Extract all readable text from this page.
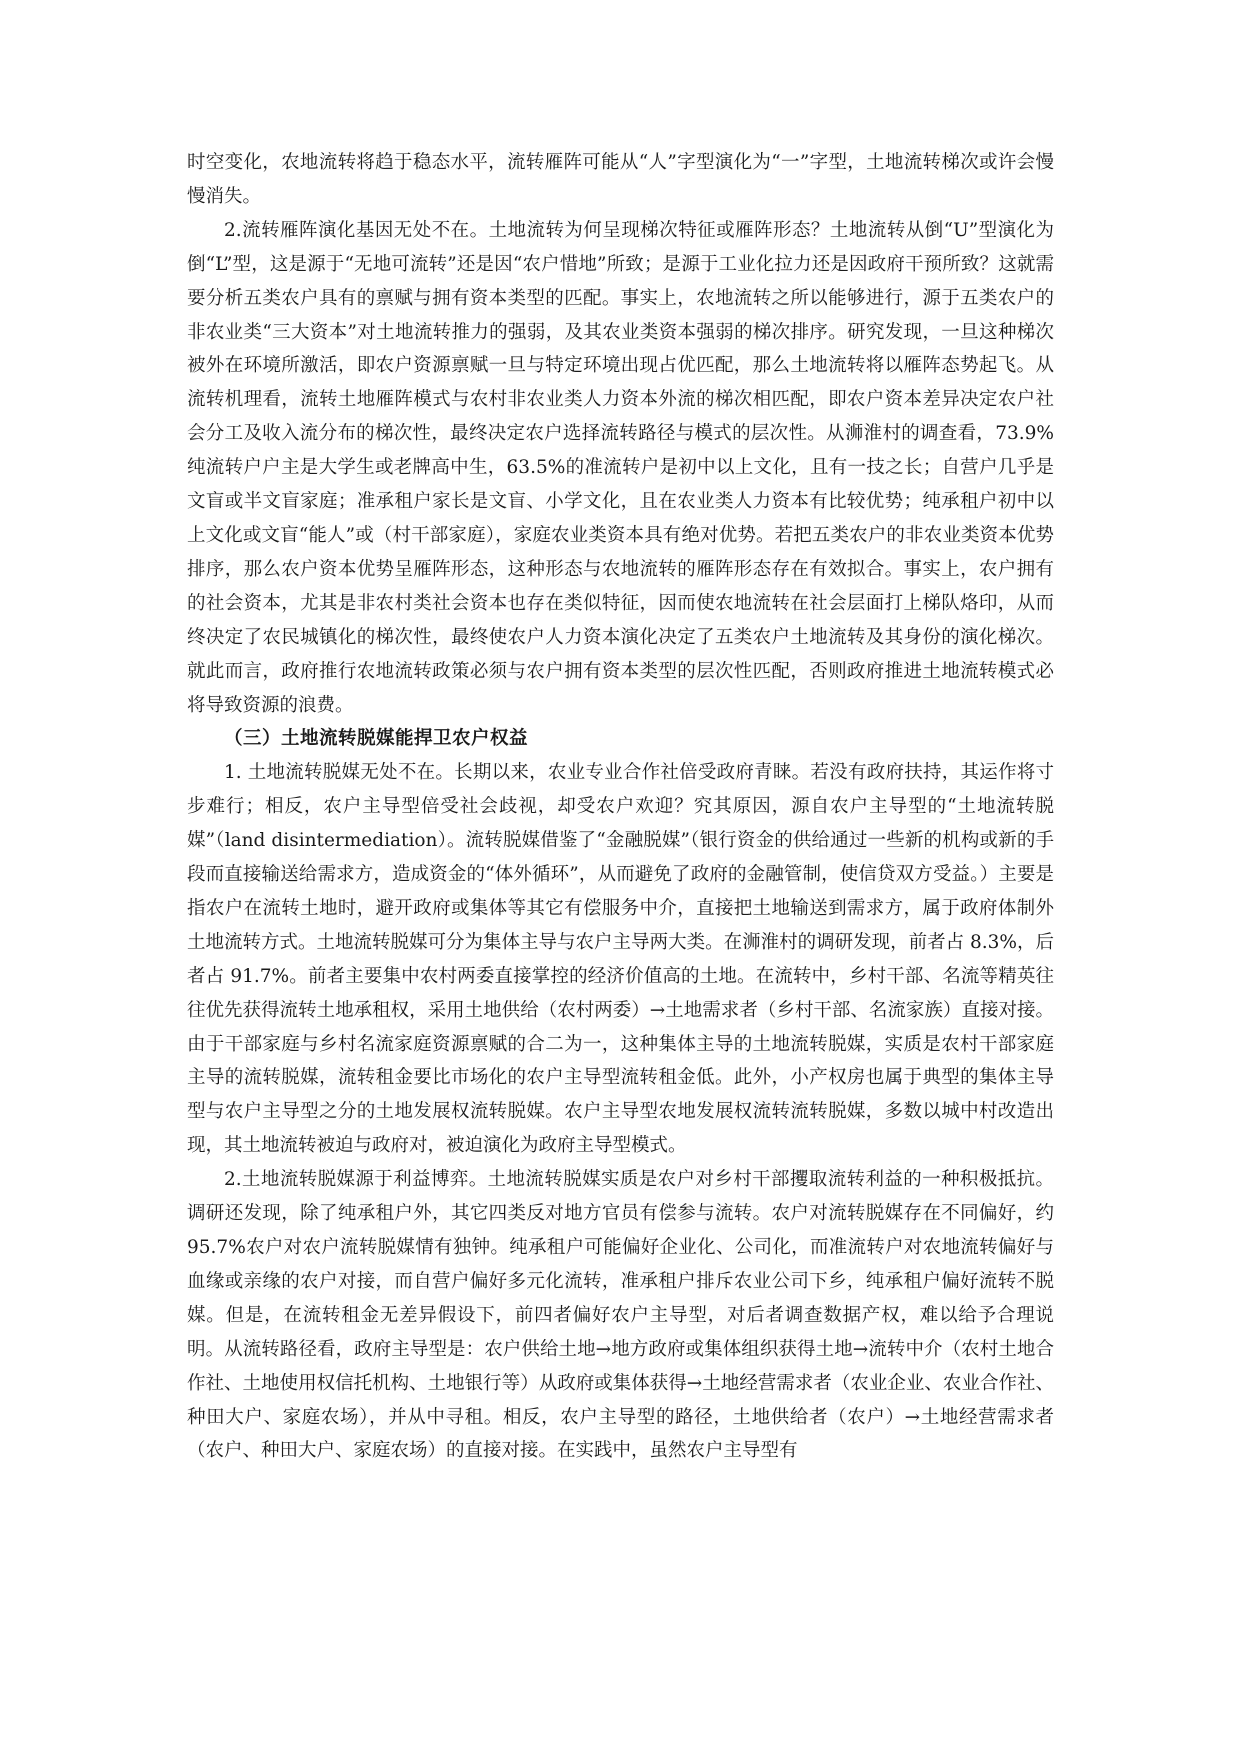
时空变化，农地流转将趋于稳态水平，流转雁阵可能从“人”字型演化为“一”字型，土地流转梯次或许会慢慢消失。

2.流转雁阵演化基因无处不在。土地流转为何呈现梯次特征或雁阵形态？土地流转从倒“U”型演化为倒“L”型，这是源于“无地可流转”还是因“农户惜地”所致；是源于工业化拉力还是因政府干预所致？这就需要分析五类农户具有的禀赋与拥有资本类型的匹配。事实上，农地流转之所以能够进行，源于五类农户的非农业类“三大资本”对土地流转推力的强弱，及其农业类资本强弱的梯次排序。研究发现，一旦这种梯次被外在环境所激活，即农户资源禀赋一旦与特定环境出现占优匹配，那么土地流转将以雁阵态势起飞。从流转机理看，流转土地雁阵模式与农村非农业类人力资本外流的梯次相匹配，即农户资本差异决定农户社会分工及收入流分布的梯次性，最终决定农户选择流转路径与模式的层次性。从浉淮村的调查看，73.9%纯流转户户主是大学生或老牌高中生，63.5%的准流转户是初中以上文化，且有一技之长；自营户几乎是文盲或半文盲家庭；准承租户家长是文盲、小学文化，且在农业类人力资本有比较优势；纯承租户初中以上文化或文盲“能人”或（村干部家庭），家庭农业类资本具有绝对优势。若把五类农户的非农业类资本优势排序，那么农户资本优势呈雁阵形态，这种形态与农地流转的雁阵形态存在有效拟合。事实上，农户拥有的社会资本，尤其是非农村类社会资本也存在类似特征，因而使农地流转在社会层面打上梯队烙印，从而终决定了农民城镇化的梯次性，最终使农户人力资本演化决定了五类农户土地流转及其身份的演化梯次。就此而言，政府推行农地流转政策必须与农户拥有资本类型的层次性匹配，否则政府推进土地流转模式必将导致资源的浪费。

（三）土地流转脱媒能捍卫农户权益

1. 土地流转脱媒无处不在。长期以来，农业专业合作社倍受政府青睐。若没有政府扶持，其运作将寸步难行；相反，农户主导型倍受社会歧视，却受农户欢迎？究其原因，源自农户主导型的“土地流转脱媒”（land disintermediation）。流转脱媒借鉴了“金融脱媒”（银行资金的供给通过一些新的机构或新的手段而直接输送给需求方，造成资金的“体外循环”，从而避免了政府的金融管制，使信贷双方受益。）主要是指农户在流转土地时，避开政府或集体等其它有偿服务中介，直接把土地输送到需求方，属于政府体制外土地流转方式。土地流转脱媒可分为集体主导与农户主导两大类。在浉淮村的调研发现，前者占 8.3%，后者占 91.7%。前者主要集中农村两委直接掌控的经济价值高的土地。在流转中，乡村干部、名流等精英往往优先获得流转土地承租权，采用土地供给（农村两委）→土地需求者（乡村干部、名流家族）直接对接。由于干部家庭与乡村名流家庭资源禀赋的合二为一，这种集体主导的土地流转脱媒，实质是农村干部家庭主导的流转脱媒，流转租金要比市场化的农户主导型流转租金低。此外，小产权房也属于典型的集体主导型与农户主导型之分的土地发展权流转脱媒。农户主导型农地发展权流转流转脱媒，多数以城中村改造出现，其土地流转被迫与政府对，被迫演化为政府主导型模式。

2.土地流转脱媒源于利益博弈。土地流转脱媒实质是农户对乡村干部攫取流转利益的一种积极抵抗。调研还发现，除了纯承租户外，其它四类反对地方官员有偿参与流转。农户对流转脱媒存在不同偏好，约 95.7%农户对农户流转脱媒情有独钟。纯承租户可能偏好企业化、公司化，而准流转户对农地流转偏好与血缘或亲缘的农户对接，而自营户偏好多元化流转，准承租户排斥农业公司下乡，纯承租户偏好流转不脱媒。但是，在流转租金无差异假设下，前四者偏好农户主导型，对后者调查数据产权，难以给予合理说明。从流转路径看，政府主导型是：农户供给土地→地方政府或集体组织获得土地→流转中介（农村土地合作社、土地使用权信托机构、土地银行等）从政府或集体获得→土地经营需求者（农业企业、农业合作社、种田大户、家庭农场），并从中寻租。相反，农户主导型的路径，土地供给者（农户）→土地经营需求者（农户、种田大户、家庭农场）的直接对接。在实践中，虽然农户主导型有
